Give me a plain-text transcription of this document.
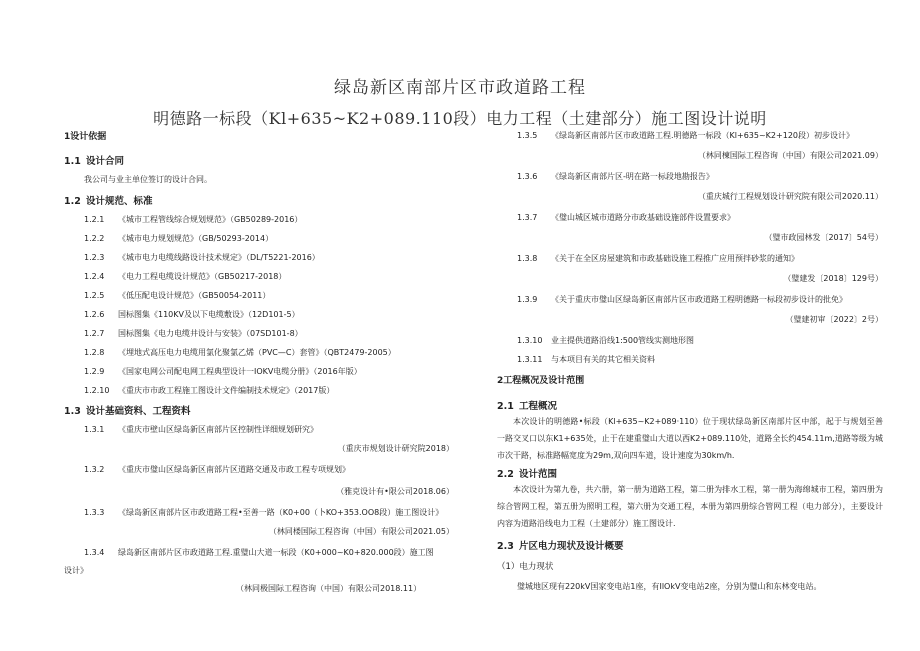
绿岛新区南部片区市政道路工程
明德路一标段（Kl+635~K2+089.110段）电力工程（土建部分）施工图设计说明
1设计依据
1.1 设计合同
我公司与业主单位签订的设计合同。
1.2 设计规范、标准
1.2.1 《城市工程管线综合规划规范》（GB50289-2016）
1.2.2 《城市电力规划规范》（GB/50293-2014）
1.2.3 《城市电力电缆线路设计技术规定》（DL/T5221-2016）
1.2.4 《电力工程电缆设计规范》（GB50217-2018）
1.2.5 《低压配电设计规范》（GB50054-2011）
1.2.6 国标图集《110KV及以下电缆敷设》（12D101-5）
1.2.7 国标图集《电力电缆井设计与安装》（07SD101-8）
1.2.8 《埋地式高压电力电缆用氯化聚氯乙烯（PVC—C）套管》（QBT2479-2005）
1.2.9 《国家电网公司配电网工程典型设计一IOKV电缆分册》（2016年版）
1.2.10 《重庆市市政工程施工图设计文件编制技术规定》（2017版）
1.3 设计基础资料、工程资料
1.3.1 《重庆市壁山区绿岛新区南部片区控制性详细规划研究》
（重庆市规划设计研究院2018）
1.3.2 《重庆市璧山区绿岛新区南部片区道路交通及市政工程专项规划》
（雅克设计有•限公司2018.06）
1.3.3 《绿岛新区南部片区市政道路工程•至善一路（K0+00（卜KO+353.OO8段）施工图设计》
（林同楼国际工程咨询（中国）有限公司2021.05）
1.3.4 绿岛新区南部片区市政道路工程.重璧山大道一标段（K0+000~K0+820.000段）施工图
设计》
（林同极国际工程咨询（中国）有限公司2018.11）
1.3.5 《绿岛新区南部片区市政道路工程.明德路一标段（Kl+635~K2+120段）初步设计》
（林同楝国际工程咨询（中国）有限公司2021.09）
1.3.6 《绿岛新区南部片区-明在路一标段地勘报告》
（重庆城行工程规划设计研究院有限公司2020.11）
1.3.7 《璧山城区城市道路分市政基础设施部件设置要求》
（璧市政园林发〔2017〕54号）
1.3.8 《关于在全区房屋建筑和市政基础设施工程推广应用预拌砂浆的通知》
（璧建发〔2018〕129号）
1.3.9 《关于重庆市璧山区绿岛新区南部片区市政道路工程明德路一标段初步设计的批免》
（璧建初审〔2022〕2号）
1.3.10 业主提供道路沿线1:500管线实测地形图
1.3.11 与本项目有关的其它相关资料
2工程概况及设计范围
2.1 工程概况
本次设计的明德路•标段（Kl+635~K2+089·110）位于现状绿岛新区南部片区中部，起于与规划至善一路交叉口以东K1+635处，止于在建重璧山大道以西K2+089.110处，道路全长约454.11m,道路等级为城市次干路，标准路幅宽度为29m,双向四车道，设计速度为30km/h.
2.2 设计范围
本次设计为第九卷，共六册，第一册为道路工程，第二册为排水工程，第一册为海绵城市工程，第四册为综合管网工程，第五册为照明工程，第六册为交通工程，本册为第四册综合管网工程（电力部分），主要设计内容为道路沿线电力工程（土建部分）施工图设计.
2.3 片区电力现状及设计概要
（1）电力现状
璧城地区现有220kV国家变电站1座，有IlOkV变电站2座，分别为璧山和东林变电站。
